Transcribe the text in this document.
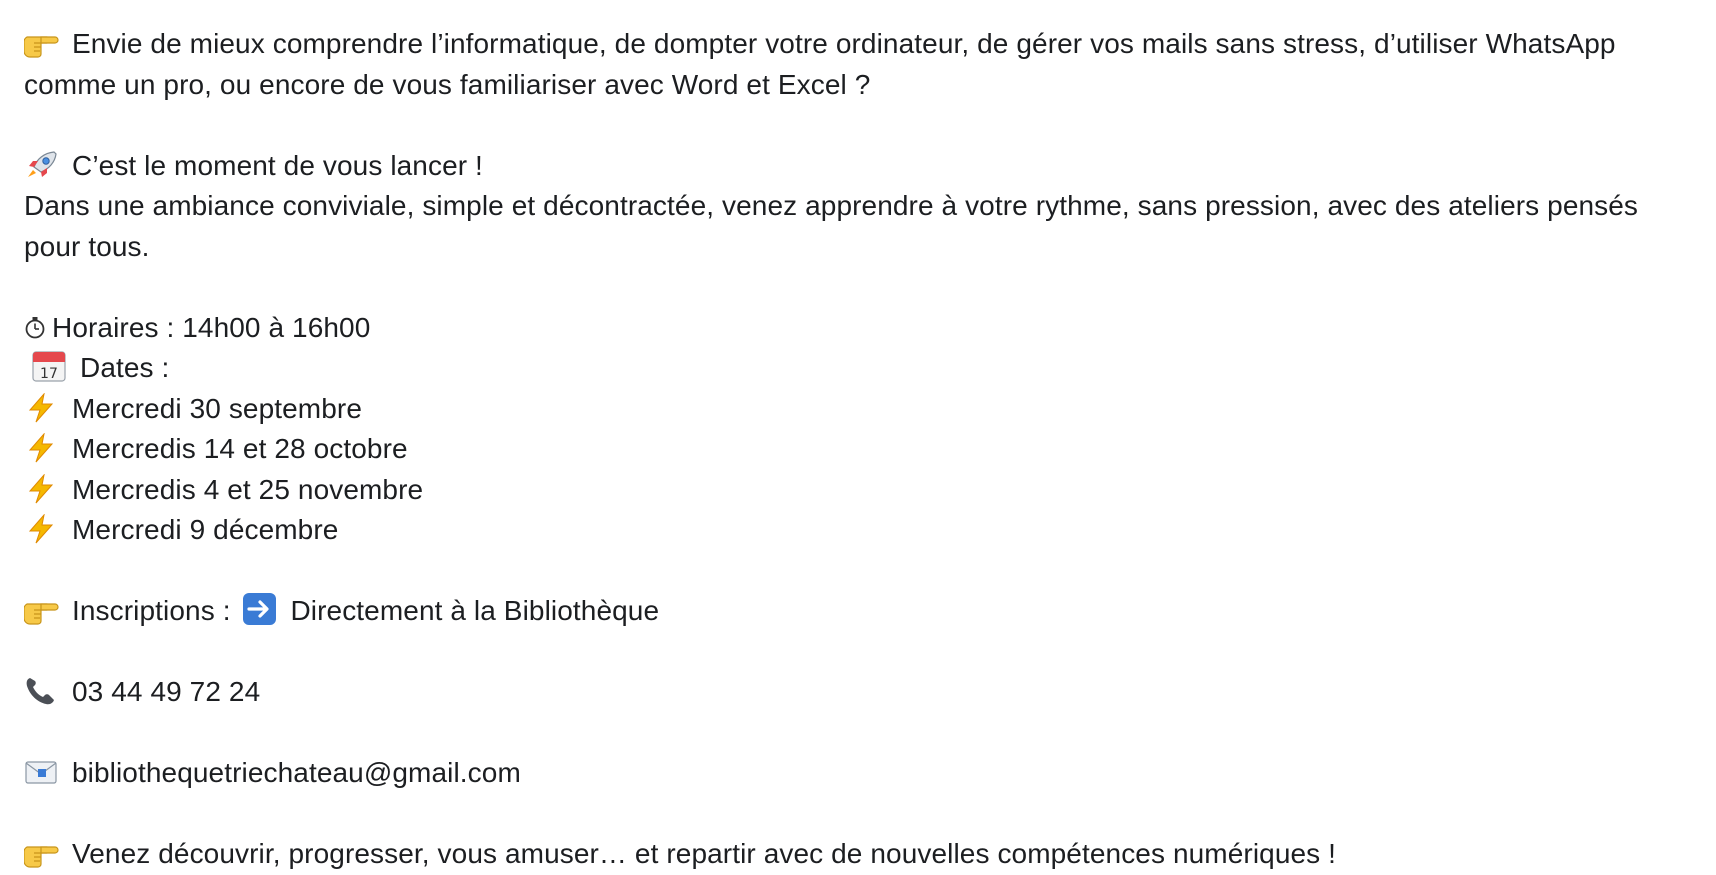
Envie de mieux comprendre l’informatique, de dompter votre ordinateur, de gérer vos mails sans stress, d’utiliser WhatsApp comme un pro, ou encore de vous familiariser avec Word et Excel ?
C’est le moment de vous lancer !
Dans une ambiance conviviale, simple et décontractée, venez apprendre à votre rythme, sans pression, avec des ateliers pensés pour tous.
Horaires : 14h00 à 16h00
17 Dates :
Mercredi 30 septembre
Mercredis 14 et 28 octobre
Mercredis 4 et 25 novembre
Mercredi 9 décembre
Inscriptions : Directement à la Bibliothèque
03 44 49 72 24
bibliothequetriechateau@gmail.com
Venez découvrir, progresser, vous amuser… et repartir avec de nouvelles compétences numériques !
